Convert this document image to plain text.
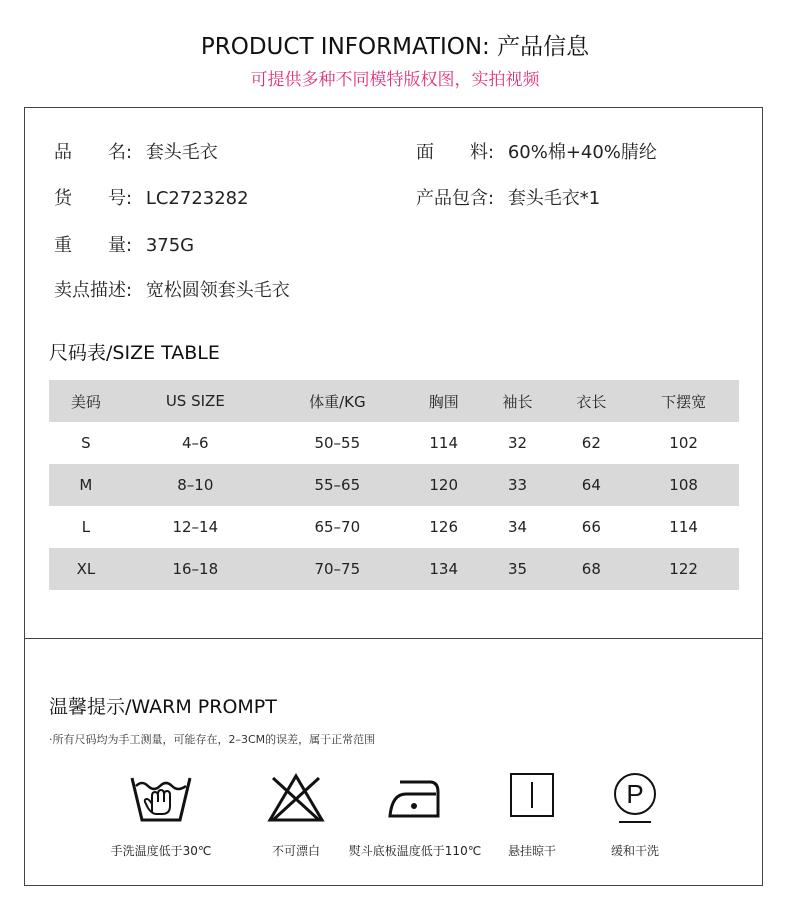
PRODUCT INFORMATION: 产品信息
可提供多种不同模特版权图，实拍视频
品　　名: 套头毛衣	面　　料: 60%棉+40%腈纶
货　　号: LC2723282	产品包含: 套头毛衣*1
重　　量: 375G
卖点描述: 宽松圆领套头毛衣
尺码表/SIZE TABLE
美码	US SIZE	体重/KG	胸围	袖长	衣长	下摆宽
S	4–6	50–55	114	32	62	102
M	8–10	55–65	120	33	64	108
L	12–14	65–70	126	34	66	114
XL	16–18	70–75	134	35	68	122
温馨提示/WARM PROMPT
·所有尺码均为手工测量，可能存在，2–3CM的误差，属于正常范围
P
手洗温度低于30℃	不可漂白	熨斗底板温度低于110℃	悬挂晾干	缓和干洗
